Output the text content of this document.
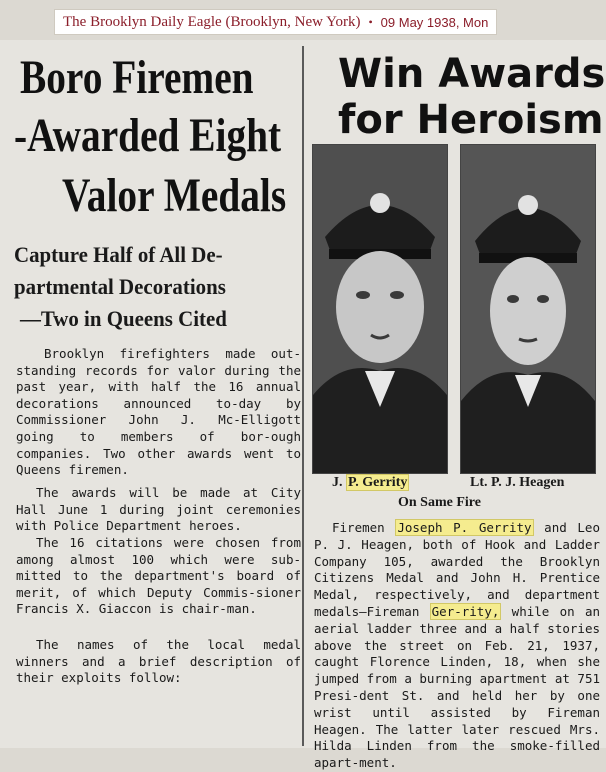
The Brooklyn Daily Eagle (Brooklyn, New York) • 09 May 1938, Mon
Boro Firemen
-Awarded Eight
Valor Medals
Capture Half of All De-
partmental Decorations
—Two in Queens Cited

Brooklyn firefighters made out-standing records for valor during the past year, with half the 16 annual decorations announced to-day by Commissioner John J. Mc-Elligott going to members of bor-ough companies. Two other awards went to Queens firemen.

The awards will be made at City Hall June 1 during joint ceremonies with Police Department heroes.

The 16 citations were chosen from among almost 100 which were sub-mitted to the department's board of merit, of which Deputy Commis-sioner Francis X. Giaccon is chair-man.

The names of the local medal winners and a brief description of their exploits follow:

Win Awards
for Heroism
J. P. Gerrity	Lt. P. J. Heagen
On Same Fire

Firemen Joseph P. Gerrity and Leo P. J. Heagen, both of Hook and Ladder Company 105, awarded the Brooklyn Citizens Medal and John H. Prentice Medal, respectively, and department medals—Fireman Ger-rity, while on an aerial ladder three and a half stories above the street on Feb. 21, 1937, caught Florence Linden, 18, when she jumped from a burning apartment at 751 Presi-dent St. and held her by one wrist until assisted by Fireman Heagen. The latter later rescued Mrs. Hilda Linden from the smoke-filled apart-ment.
